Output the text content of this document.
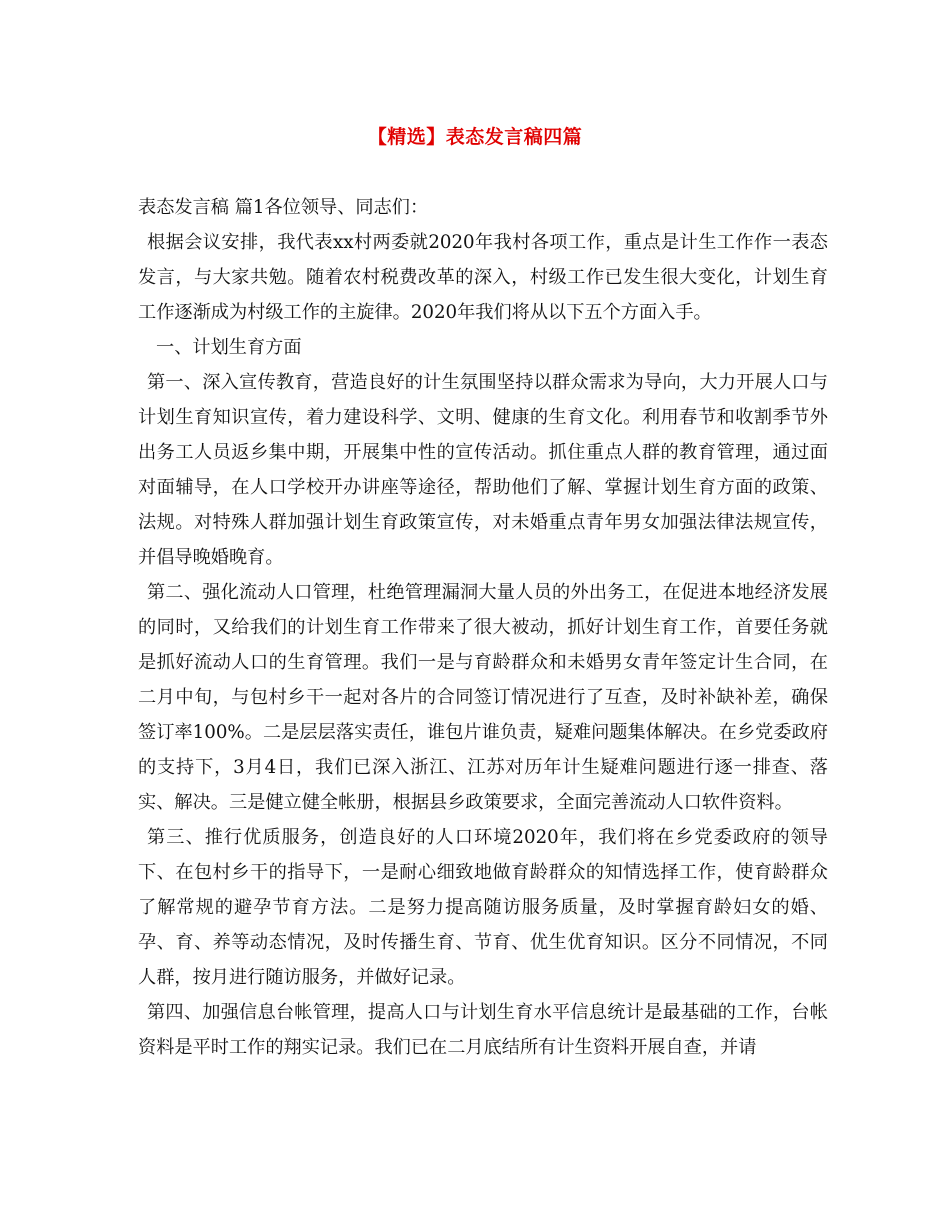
【精选】表态发言稿四篇

表态发言稿 篇1各位领导、同志们：

根据会议安排，我代表xx村两委就2020年我村各项工作，重点是计生工作作一表态发言，与大家共勉。随着农村税费改革的深入，村级工作已发生很大变化，计划生育工作逐渐成为村级工作的主旋律。2020年我们将从以下五个方面入手。

一、计划生育方面

第一、深入宣传教育，营造良好的计生氛围坚持以群众需求为导向，大力开展人口与计划生育知识宣传，着力建设科学、文明、健康的生育文化。利用春节和收割季节外出务工人员返乡集中期，开展集中性的宣传活动。抓住重点人群的教育管理，通过面对面辅导，在人口学校开办讲座等途径，帮助他们了解、掌握计划生育方面的政策、法规。对特殊人群加强计划生育政策宣传，对未婚重点青年男女加强法律法规宣传，并倡导晚婚晚育。

第二、强化流动人口管理，杜绝管理漏洞大量人员的外出务工，在促进本地经济发展的同时，又给我们的计划生育工作带来了很大被动，抓好计划生育工作，首要任务就是抓好流动人口的生育管理。我们一是与育龄群众和未婚男女青年签定计生合同，在二月中旬，与包村乡干一起对各片的合同签订情况进行了互查，及时补缺补差，确保签订率100%。二是层层落实责任，谁包片谁负责，疑难问题集体解决。在乡党委政府的支持下，3月4日，我们已深入浙江、江苏对历年计生疑难问题进行逐一排查、落实、解决。三是健立健全帐册，根据县乡政策要求，全面完善流动人口软件资料。

第三、推行优质服务，创造良好的人口环境2020年，我们将在乡党委政府的领导下、在包村乡干的指导下，一是耐心细致地做育龄群众的知情选择工作，使育龄群众了解常规的避孕节育方法。二是努力提高随访服务质量，及时掌握育龄妇女的婚、孕、育、养等动态情况，及时传播生育、节育、优生优育知识。区分不同情况，不同人群，按月进行随访服务，并做好记录。

第四、加强信息台帐管理，提高人口与计划生育水平信息统计是最基础的工作，台帐资料是平时工作的翔实记录。我们已在二月底结所有计生资料开展自查，并请
